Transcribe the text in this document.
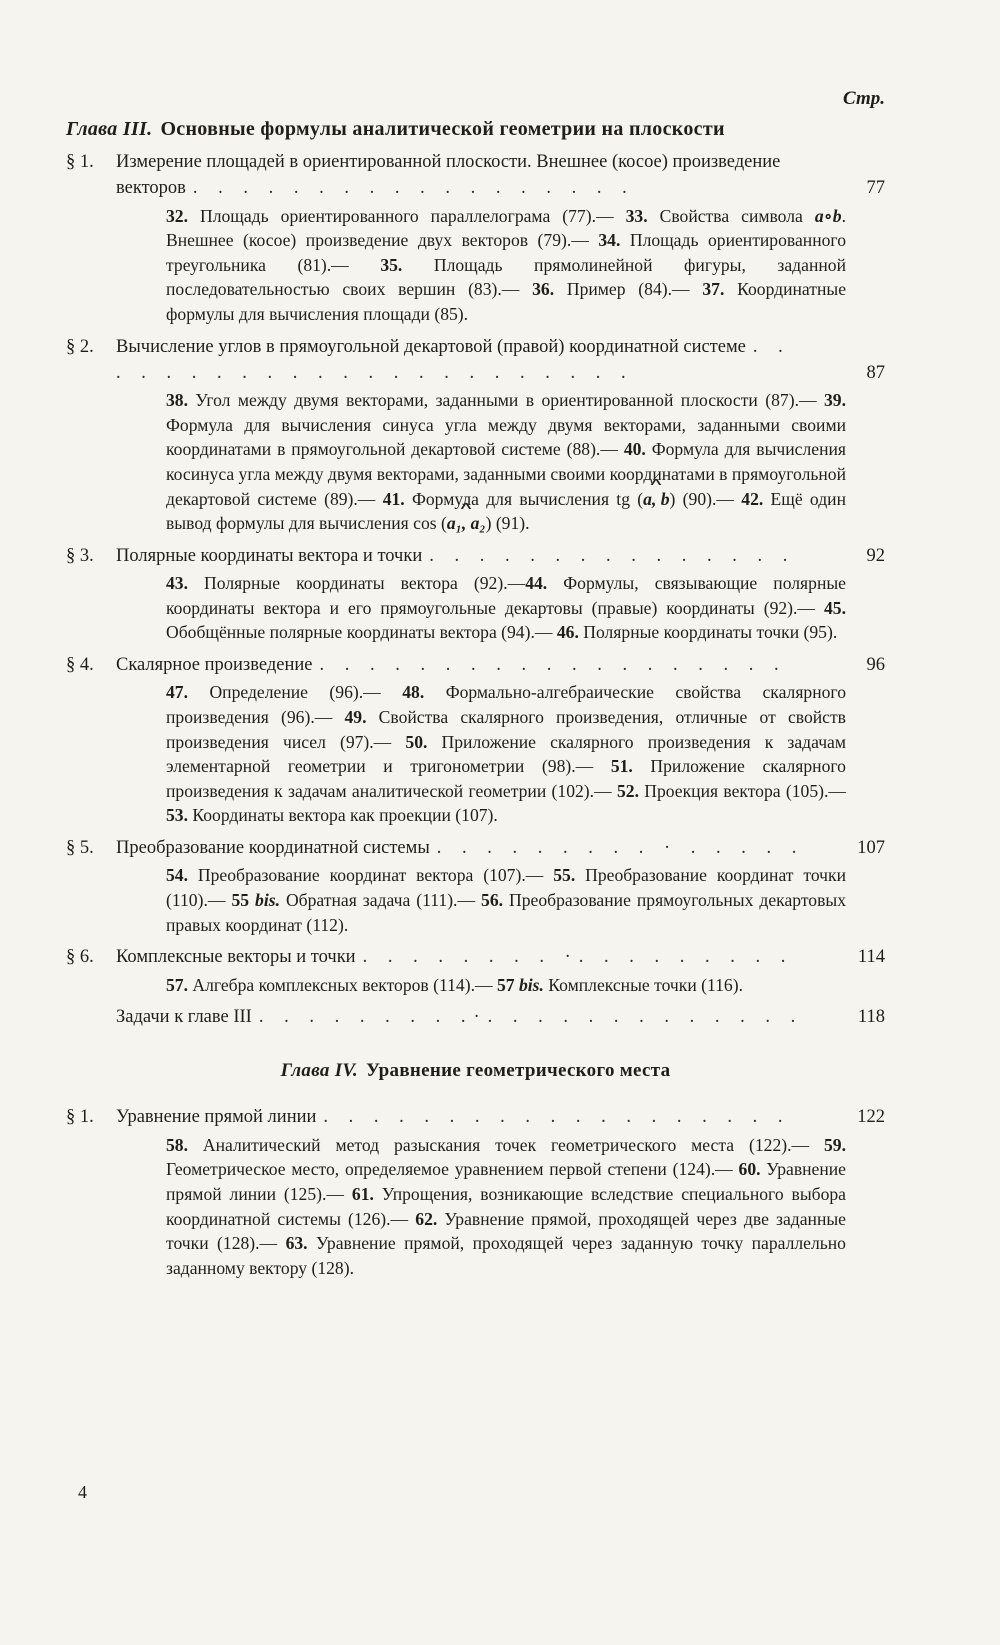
Стр.
Глава III. Основные формулы аналитической геометрии на плоскости
§ 1. Измерение площадей в ориентированной плоскости. Внешнее (косое) произведение векторов . . . . . . . . . . . . . . . . . .	77
32. Площадь ориентированного параллелограма (77).— 33. Свойства символа a∘b. Внешнее (косое) произведение двух векторов (79).— 34. Площадь ориентированного треугольника (81).— 35. Площадь прямолинейной фигуры, заданной последовательностью своих вершин (83).— 36. Пример (84).— 37. Координатные формулы для вычисления площади (85).
§ 2. Вычисление углов в прямоугольной декартовой (правой) координатной системе . . . . . . . . . . . . . . . . . . . . . . .	87
38. Угол между двумя векторами, заданными в ориентированной плоскости (87).— 39. Формула для вычисления синуса угла между двумя векторами, заданными своими координатами в прямоугольной декартовой системе (88).— 40. Формула для вычисления косинуса угла между двумя векторами, заданными своими координатами в прямоугольной декартовой системе (89).— 41. Формула для вычисления tg (∧ a, b) (90).— 42. Ещё один вывод формулы для вычисления cos (∧ a₁, a₂) (91).
§ 3. Полярные координаты вектора и точки . . . . . . . . . . . . . . .	92
43. Полярные координаты вектора (92).—44. Формулы, связывающие полярные координаты вектора и его прямоугольные декартовы (правые) координаты (92).— 45. Обобщённые полярные координаты вектора (94).— 46. Полярные координаты точки (95).
§ 4. Скалярное произведение . . . . . . . . . . . . . . . . . . .	96
47. Определение (96).— 48. Формально-алгебраические свойства скалярного произведения (96).— 49. Свойства скалярного произведения, отличные от свойств произведения чисел (97).— 50. Приложение скалярного произведения к задачам элементарной геометрии и тригонометрии (98).— 51. Приложение скалярного произведения к задачам аналитической геометрии (102).— 52. Проекция вектора (105).— 53. Координаты вектора как проекции (107).
§ 5. Преобразование координатной системы . . . . . . . . . · . . . . .	107
54. Преобразование координат вектора (107).— 55. Преобразование координат точки (110).— 55 bis. Обратная задача (111).— 56. Преобразование прямоугольных декартовых правых координат (112).
§ 6. Комплексные векторы и точки . . . . . . . . ·. . . . . . . . .	114
57. Алгебра комплексных векторов (114).— 57 bis. Комплексные точки (116).
Задачи к главе III . . . . . . . . .·. . . . . . . . . . . . .	118
Глава IV. Уравнение геометрического места
§ 1. Уравнение прямой линии . . . . . . . . . . . . . . . . . . .	122
58. Аналитический метод разыскания точек геометрического места (122).— 59. Геометрическое место, определяемое уравнением первой степени (124).— 60. Уравнение прямой линии (125).— 61. Упрощения, возникающие вследствие специального выбора координатной системы (126).— 62. Уравнение прямой, проходящей через две заданные точки (128).— 63. Уравнение прямой, проходящей через заданную точку параллельно заданному вектору (128).
4
